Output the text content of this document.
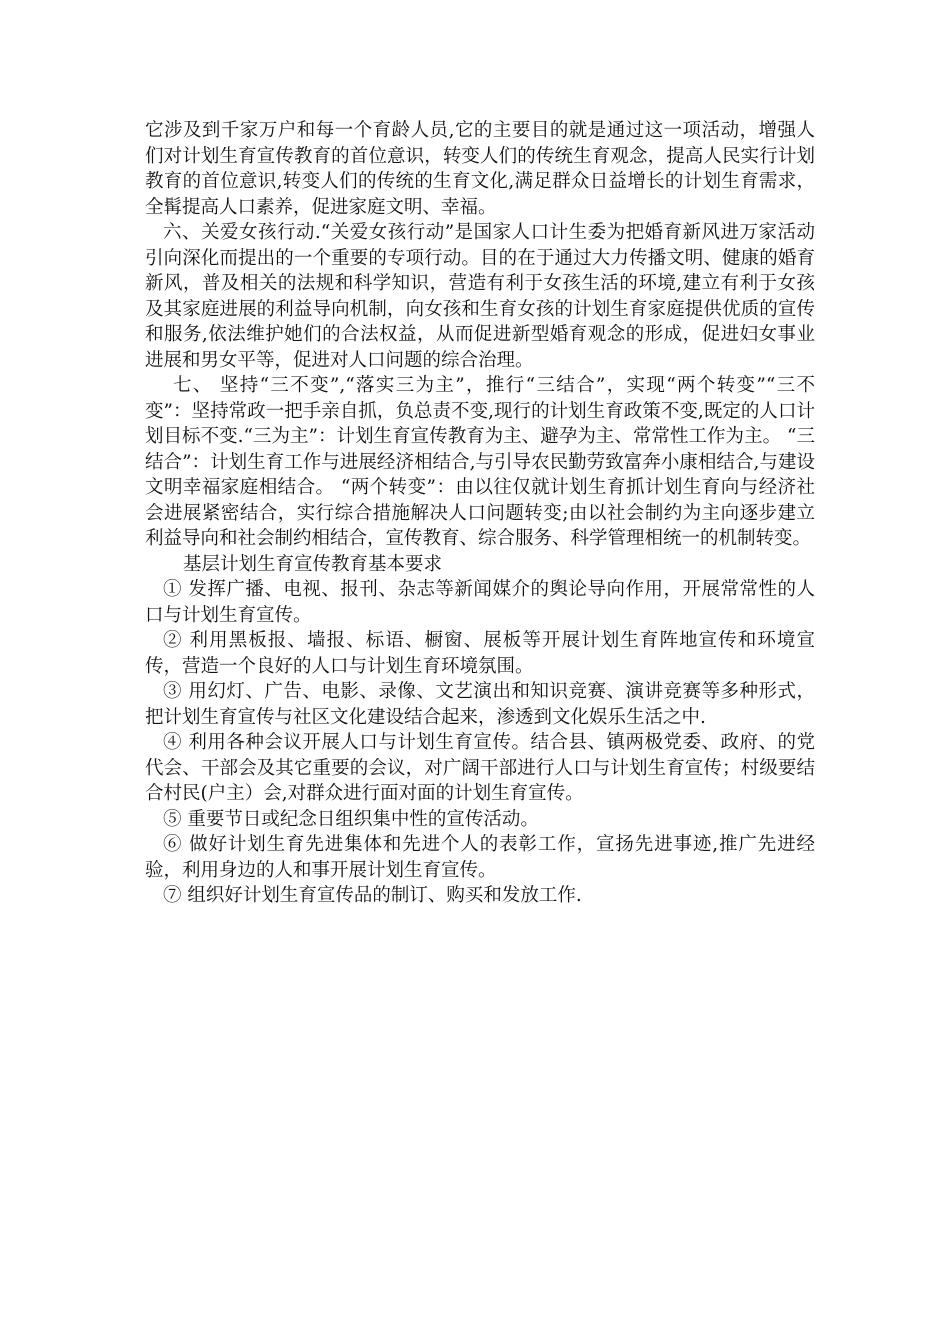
它涉及到千家万户和每一个育龄人员,它的主要目的就是通过这一项活动，增强人们对计划生育宣传教育的首位意识，转变人们的传统生育观念，提高人民实行计划教育的首位意识,转变人们的传统的生育文化,满足群众日益增长的计划生育需求，全髯提高人口素养，促进家庭文明、幸福。

六、关爱女孩行动.“关爱女孩行动”是国家人口计生委为把婚育新风进万家活动引向深化而提出的一个重要的专项行动。目的在于通过大力传播文明、健康的婚育新风，普及相关的法规和科学知识，营造有利于女孩生活的环境,建立有利于女孩及其家庭进展的利益导向机制，向女孩和生育女孩的计划生育家庭提供优质的宣传和服务,依法维护她们的合法权益，从而促进新型婚育观念的形成，促进妇女事业进展和男女平等，促进对人口问题的综合治理。

七、 坚持“三不变”,“落实三为主”，推行“三结合”，实现“两个转变”“三不变”：坚持常政一把手亲自抓，负总责不变,现行的计划生育政策不变,既定的人口计划目标不变.“三为主”：计划生育宣传教育为主、避孕为主、常常性工作为主。 “三结合”：计划生育工作与进展经济相结合,与引导农民勤劳致富奔小康相结合,与建设文明幸福家庭相结合。 “两个转变”：由以往仅就计划生育抓计划生育向与经济社会进展紧密结合，实行综合措施解决人口问题转变;由以社会制约为主向逐步建立利益导向和社会制约相结合，宣传教育、综合服务、科学管理相统一的机制转变。

基层计划生育宣传教育基本要求

① 发挥广播、电视、报刊、杂志等新闻媒介的舆论导向作用，开展常常性的人口与计划生育宣传。

② 利用黑板报、墙报、标语、橱窗、展板等开展计划生育阵地宣传和环境宣传，营造一个良好的人口与计划生育环境氛围。

③ 用幻灯、广告、电影、录像、文艺演出和知识竞赛、演讲竞赛等多种形式，把计划生育宣传与社区文化建设结合起来，渗透到文化娱乐生活之中.

④ 利用各种会议开展人口与计划生育宣传。结合县、镇两极党委、政府、的党代会、干部会及其它重要的会议，对广阔干部进行人口与计划生育宣传；村级要结合村民(户主）会,对群众进行面对面的计划生育宣传。

⑤ 重要节日或纪念日组织集中性的宣传活动。

⑥ 做好计划生育先进集体和先进个人的表彰工作，宣扬先进事迹,推广先进经验，利用身边的人和事开展计划生育宣传。

⑦ 组织好计划生育宣传品的制订、购买和发放工作.
